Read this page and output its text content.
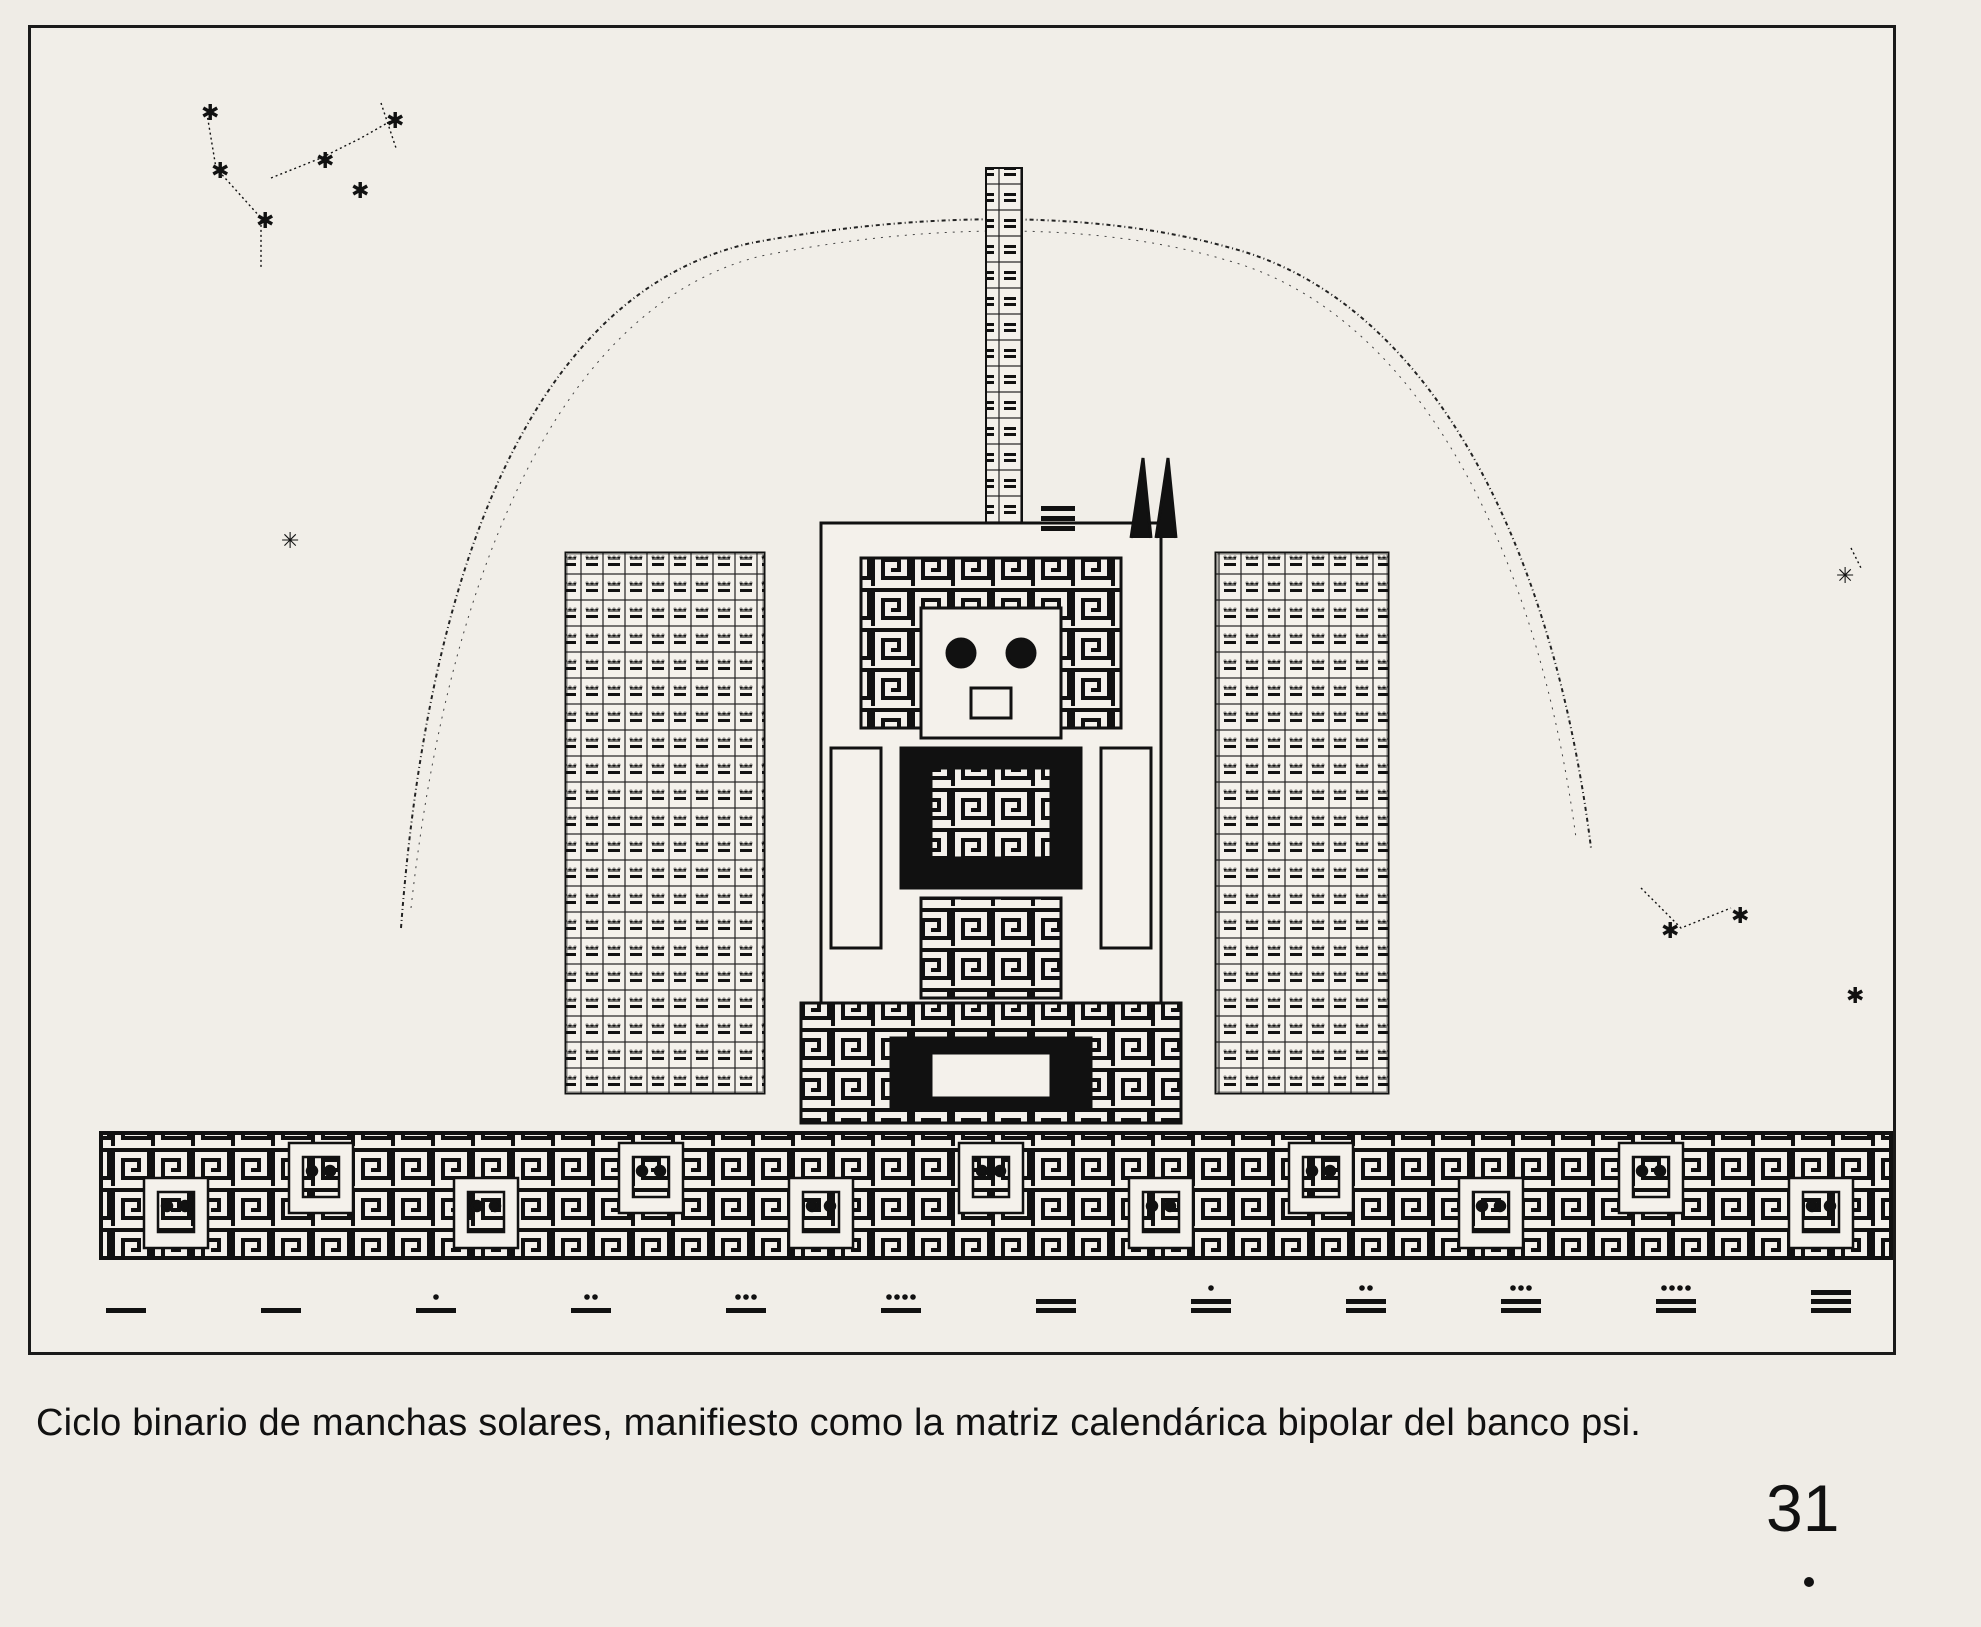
✱
✱
✱
✱
✱
✱
✳
✳
✱
✱
✱
Ciclo binario de manchas solares, manifiesto como la matriz calendárica bipolar del banco psi.
31
